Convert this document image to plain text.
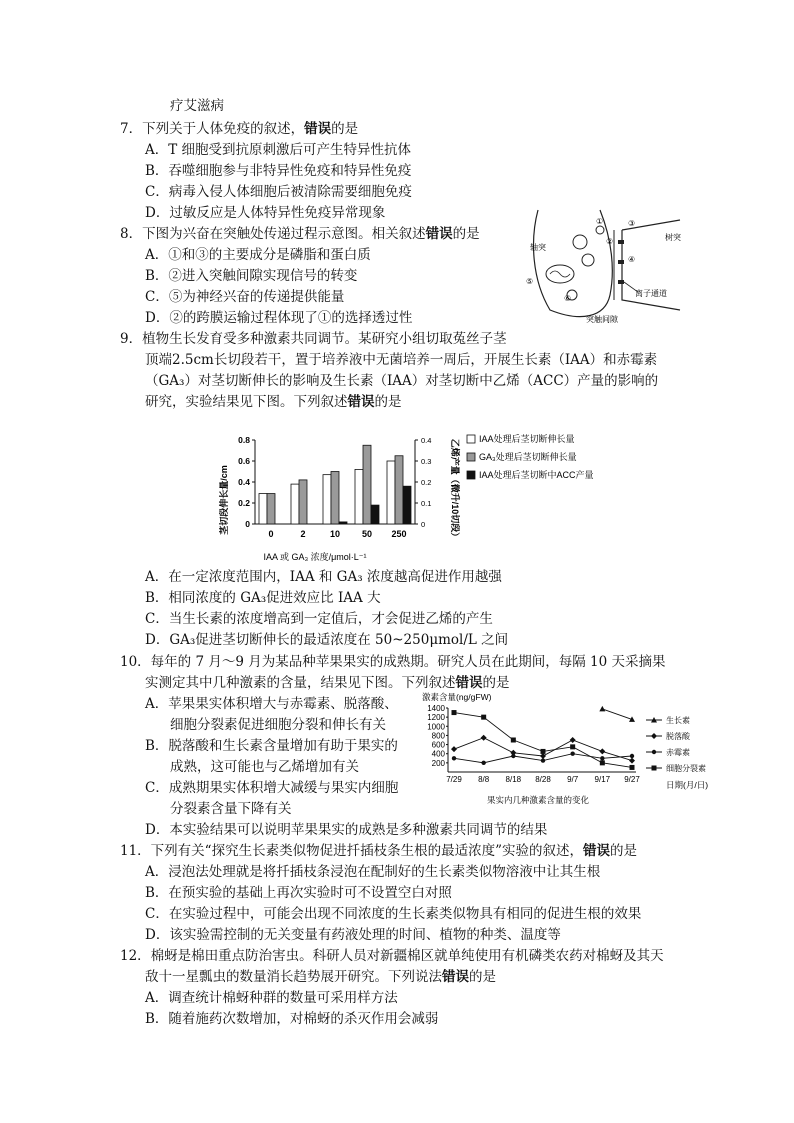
疗艾滋病
7．下列关于人体免疫的叙述，错误的是
A．T 细胞受到抗原刺激后可产生特异性抗体
B．吞噬细胞参与非特异性免疫和特异性免疫
C．病毒入侵人体细胞后被清除需要细胞免疫
D．过敏反应是人体特异性免疫异常现象
8．下图为兴奋在突触处传递过程示意图。相关叙述错误的是
A．①和③的主要成分是磷脂和蛋白质
B．②进入突触间隙实现信号的转变
C．⑤为神经兴奋的传递提供能量
D．②的跨膜运输过程体现了①的选择透过性
轴突
树突
离子通道
突触间隙
①
②
③
④
⑤
⑥
9．植物生长发育受多种激素共同调节。某研究小组切取菟丝子茎
顶端2.5cm长切段若干，置于培养液中无菌培养一周后，开展生长素（IAA）和赤霉素
（GA₃）对茎切断伸长的影响及生长素（IAA）对茎切断中乙烯（ACC）产量的影响的
研究，实验结果见下图。下列叙述错误的是
0
0.2
0.4
0.6
0.8
0
0.1
0.2
0.3
0.4
0	2	10 50 250
茎切段伸长量/cm	乙烯产量（微升/10切段）
IAA 或 GA₃ 浓度/μmol·L⁻¹
IAA处理后茎切断伸长量
GA₃处理后茎切断伸长量
IAA处理后茎切断中ACC产量
A．在一定浓度范围内，IAA 和 GA₃ 浓度越高促进作用越强
B．相同浓度的 GA₃促进效应比 IAA 大
C．当生长素的浓度增高到一定值后，才会促进乙烯的产生
D．GA₃促进茎切断伸长的最适浓度在 50~250μmol/L 之间
10．每年的 7 月～9 月为某品种苹果果实的成熟期。研究人员在此期间，每隔 10 天采摘果
实测定其中几种激素的含量，结果见下图。下列叙述错误的是
A．苹果果实体积增大与赤霉素、脱落酸、
细胞分裂素促进细胞分裂和伸长有关
B．脱落酸和生长素含量增加有助于果实的
成熟，这可能也与乙烯增加有关
C．成熟期果实体积增大减缓与果实内细胞
分裂素含量下降有关
D．本实验结果可以说明苹果果实的成熟是多种激素共同调节的结果
激素含量(ng/gFW)
200
400
600
800
1000
1200
1400
7/29 8/8 8/18 8/28 9/7 9/17 9/27
生长素
脱落酸
赤霉素
细胞分裂素
日期(月/日)
果实内几种激素含量的变化
11．下列有关“探究生长素类似物促进扦插枝条生根的最适浓度”实验的叙述，错误的是
A．浸泡法处理就是将扦插枝条浸泡在配制好的生长素类似物溶液中让其生根
B．在预实验的基础上再次实验时可不设置空白对照
C．在实验过程中，可能会出现不同浓度的生长素类似物具有相同的促进生根的效果
D．该实验需控制的无关变量有药液处理的时间、植物的种类、温度等
12．棉蚜是棉田重点防治害虫。科研人员对新疆棉区就单纯使用有机磷类农药对棉蚜及其天
敌十一星瓢虫的数量消长趋势展开研究。下列说法错误的是
A．调查统计棉蚜种群的数量可采用样方法
B．随着施药次数增加，对棉蚜的杀灭作用会减弱
